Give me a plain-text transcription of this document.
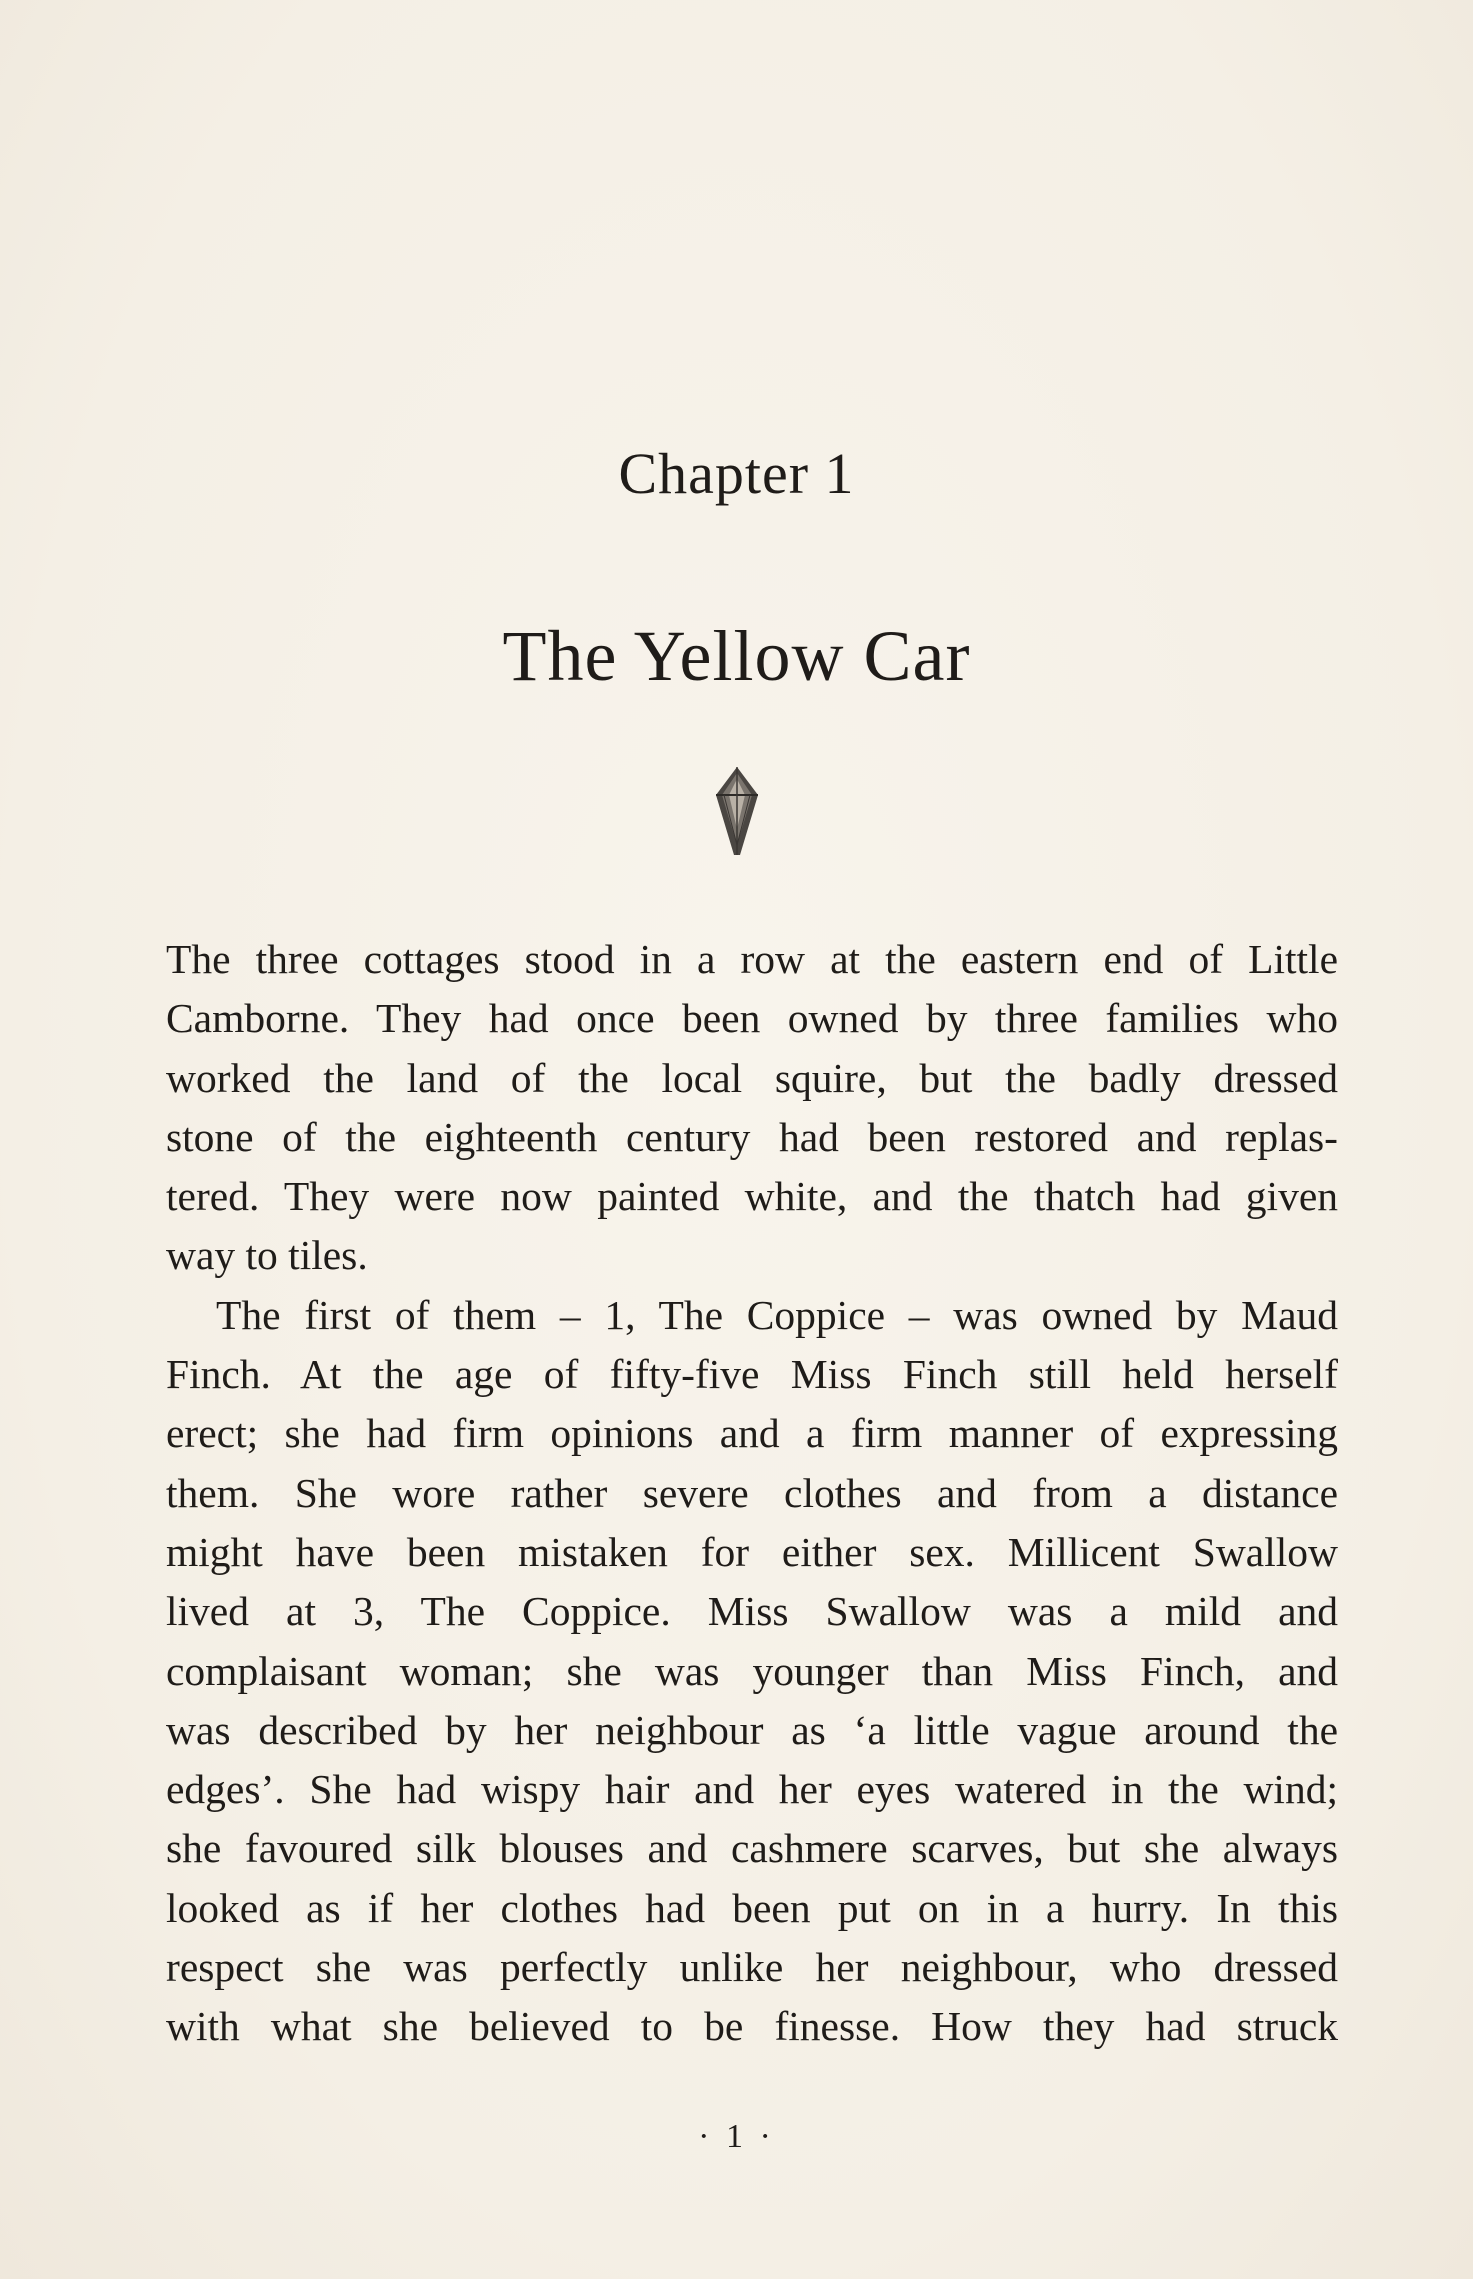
Chapter 1
The Yellow Car
The three cottages stood in a row at the eastern end of Little
Camborne. They had once been owned by three families who
worked the land of the local squire, but the badly dressed
stone of the eighteenth century had been restored and replas-
tered. They were now painted white, and the thatch had given
way to tiles.
The first of them – 1, The Coppice – was owned by Maud
Finch. At the age of fifty-five Miss Finch still held herself
erect; she had firm opinions and a firm manner of expressing
them. She wore rather severe clothes and from a distance
might have been mistaken for either sex. Millicent Swallow
lived at 3, The Coppice. Miss Swallow was a mild and
complaisant woman; she was younger than Miss Finch, and
was described by her neighbour as ‘a little vague around the
edges’. She had wispy hair and her eyes watered in the wind;
she favoured silk blouses and cashmere scarves, but she always
looked as if her clothes had been put on in a hurry. In this
respect she was perfectly unlike her neighbour, who dressed
with what she believed to be finesse. How they had struck
· 1 ·
